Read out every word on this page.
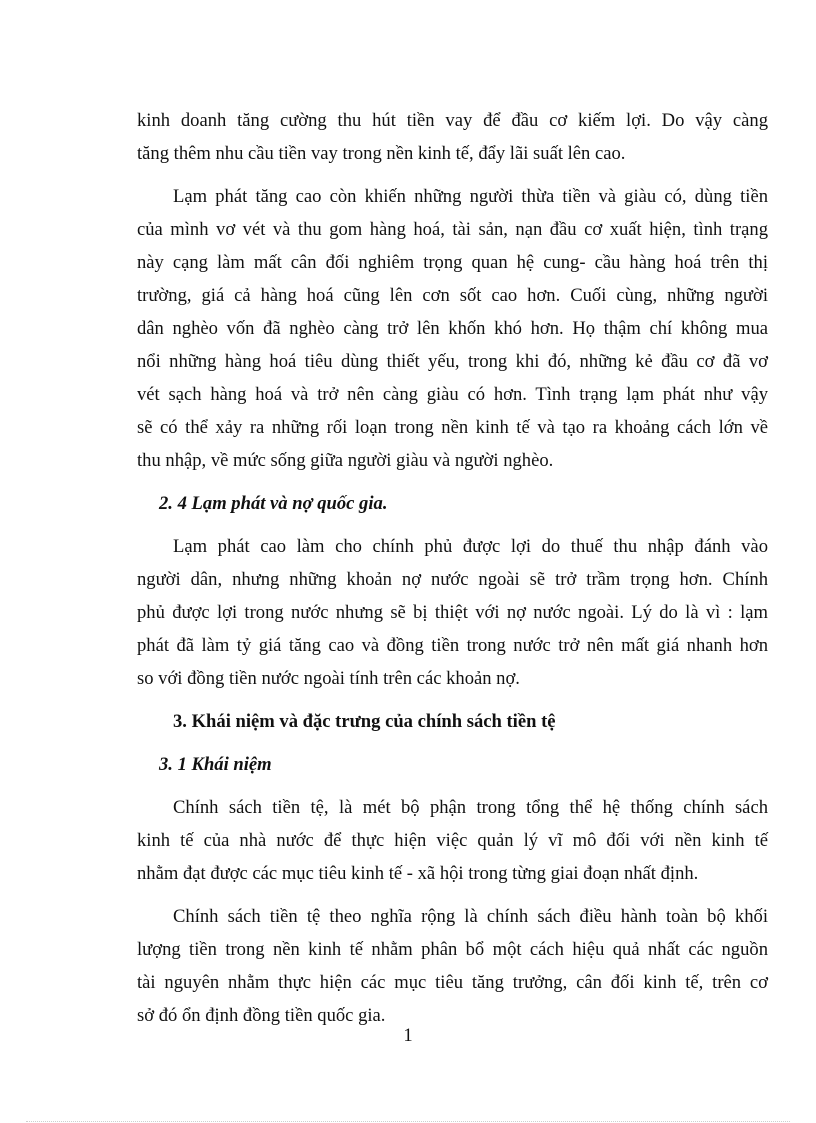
kinh doanh tăng cường thu hút tiền vay để đầu cơ kiếm lợi. Do vậy càng
tăng thêm nhu cầu tiền vay trong nền kinh tế, đẩy lãi suất lên cao.

Lạm phát tăng cao còn khiến những người thừa tiền và giàu có, dùng tiền
của mình vơ vét và thu gom hàng hoá, tài sản, nạn đầu cơ xuất hiện, tình trạng
này cạng làm mất cân đối nghiêm trọng quan hệ cung- cầu hàng hoá trên thị
trường, giá cả hàng hoá cũng lên cơn sốt cao hơn. Cuối cùng, những người
dân nghèo vốn đã nghèo càng trở lên khốn khó hơn. Họ thậm chí không mua
nổi những hàng hoá tiêu dùng thiết yếu, trong khi đó, những kẻ đầu cơ đã vơ
vét sạch hàng hoá và trở nên càng giàu có hơn. Tình trạng lạm phát như vậy
sẽ có thể xảy ra những rối loạn trong nền kinh tế và tạo ra khoảng cách lớn về
thu nhập, về mức sống giữa người giàu và người nghèo.

2. 4 Lạm phát và nợ quốc gia.

Lạm phát cao làm cho chính phủ được lợi do thuế thu nhập đánh vào
người dân, nhưng những khoản nợ nước ngoài sẽ trở trầm trọng hơn. Chính
phủ được lợi trong nước nhưng sẽ bị thiệt với nợ nước ngoài. Lý do là vì : lạm
phát đã làm tỷ giá tăng cao và đồng tiền trong nước trở nên mất giá nhanh hơn
so với đồng tiền nước ngoài tính trên các khoản nợ.

3. Khái niệm và đặc trưng của chính sách tiền tệ
3. 1 Khái niệm

Chính sách tiền tệ, là mét bộ phận trong tổng thể hệ thống chính sách
kinh tế của nhà nước để thực hiện việc quản lý vĩ mô đối với nền kinh tế
nhằm đạt được các mục tiêu kinh tế - xã hội trong từng giai đoạn nhất định.

Chính sách tiền tệ theo nghĩa rộng là chính sách điều hành toàn bộ khối
lượng tiền trong nền kinh tế nhằm phân bổ một cách hiệu quả nhất các nguồn
tài nguyên nhằm thực hiện các mục tiêu tăng trưởng, cân đối kinh tế, trên cơ
sở đó ổn định đồng tiền quốc gia.

1
